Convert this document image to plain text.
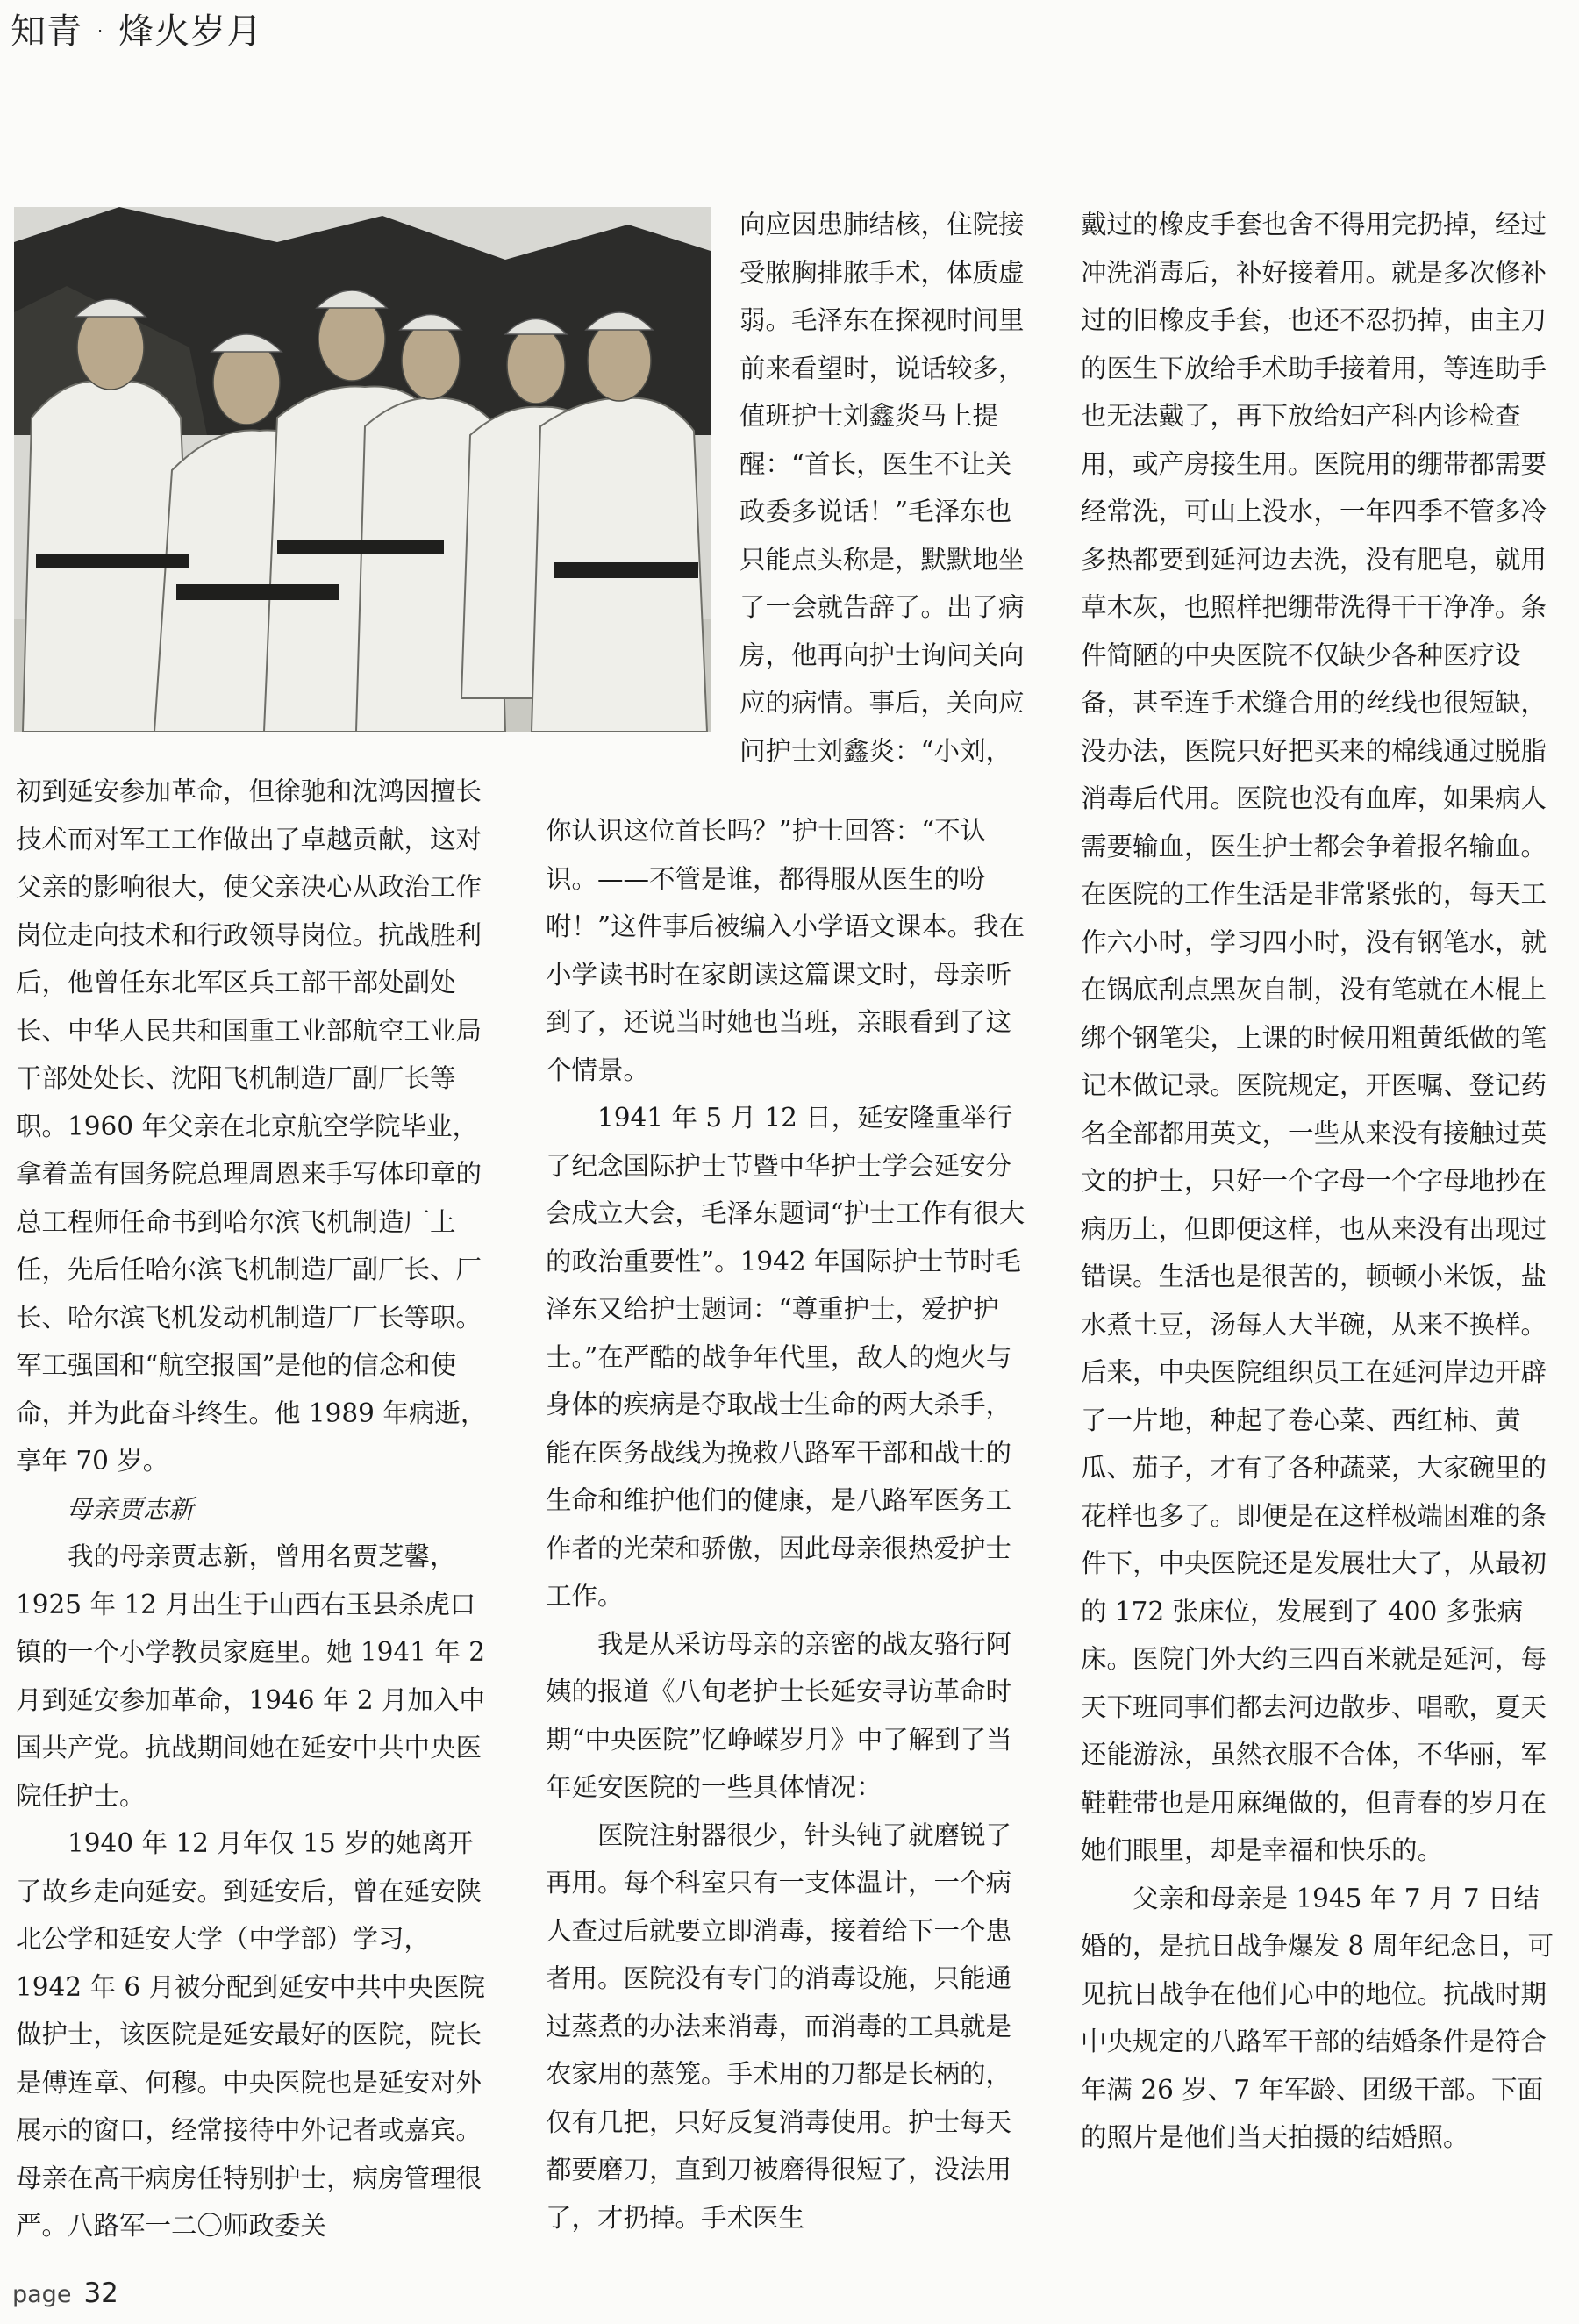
知青 · 烽火岁月

向应因患肺结核，住院接受脓胸排脓手术，体质虚弱。毛泽东在探视时间里前来看望时，说话较多，值班护士刘鑫炎马上提醒：“首长，医生不让关政委多说话！”毛泽东也只能点头称是，默默地坐了一会就告辞了。出了病房，他再向护士询问关向应的病情。事后，关向应问护士刘鑫炎：“小刘，

初到延安参加革命，但徐驰和沈鸿因擅长技术而对军工工作做出了卓越贡献，这对父亲的影响很大，使父亲决心从政治工作岗位走向技术和行政领导岗位。抗战胜利后，他曾任东北军区兵工部干部处副处长、中华人民共和国重工业部航空工业局干部处处长、沈阳飞机制造厂副厂长等职。1960 年父亲在北京航空学院毕业，拿着盖有国务院总理周恩来手写体印章的总工程师任命书到哈尔滨飞机制造厂上任，先后任哈尔滨飞机制造厂副厂长、厂长、哈尔滨飞机发动机制造厂厂长等职。军工强国和“航空报国”是他的信念和使命，并为此奋斗终生。他 1989 年病逝，享年 70 岁。

母亲贾志新

我的母亲贾志新，曾用名贾芝馨，1925 年 12 月出生于山西右玉县杀虎口镇的一个小学教员家庭里。她 1941 年 2 月到延安参加革命，1946 年 2 月加入中国共产党。抗战期间她在延安中共中央医院任护士。

1940 年 12 月年仅 15 岁的她离开了故乡走向延安。到延安后，曾在延安陕北公学和延安大学（中学部）学习，1942 年 6 月被分配到延安中共中央医院做护士，该医院是延安最好的医院，院长是傅连章、何穆。中央医院也是延安对外展示的窗口，经常接待中外记者或嘉宾。母亲在高干病房任特别护士，病房管理很严。八路军一二〇师政委关

你认识这位首长吗？”护士回答：“不认识。——不管是谁，都得服从医生的吩咐！”这件事后被编入小学语文课本。我在小学读书时在家朗读这篇课文时，母亲听到了，还说当时她也当班，亲眼看到了这个情景。

1941 年 5 月 12 日，延安隆重举行了纪念国际护士节暨中华护士学会延安分会成立大会，毛泽东题词“护士工作有很大的政治重要性”。1942 年国际护士节时毛泽东又给护士题词：“尊重护士，爱护护士。”在严酷的战争年代里，敌人的炮火与身体的疾病是夺取战士生命的两大杀手，能在医务战线为挽救八路军干部和战士的生命和维护他们的健康，是八路军医务工作者的光荣和骄傲，因此母亲很热爱护士工作。

我是从采访母亲的亲密的战友骆行阿姨的报道《八旬老护士长延安寻访革命时期“中央医院”忆峥嵘岁月》中了解到了当年延安医院的一些具体情况：

医院注射器很少，针头钝了就磨锐了再用。每个科室只有一支体温计，一个病人查过后就要立即消毒，接着给下一个患者用。医院没有专门的消毒设施，只能通过蒸煮的办法来消毒，而消毒的工具就是农家用的蒸笼。手术用的刀都是长柄的，仅有几把，只好反复消毒使用。护士每天都要磨刀，直到刀被磨得很短了，没法用了，才扔掉。手术医生

戴过的橡皮手套也舍不得用完扔掉，经过冲洗消毒后，补好接着用。就是多次修补过的旧橡皮手套，也还不忍扔掉，由主刀的医生下放给手术助手接着用，等连助手也无法戴了，再下放给妇产科内诊检查用，或产房接生用。医院用的绷带都需要经常洗，可山上没水，一年四季不管多冷多热都要到延河边去洗，没有肥皂，就用草木灰，也照样把绷带洗得干干净净。条件简陋的中央医院不仅缺少各种医疗设备，甚至连手术缝合用的丝线也很短缺，没办法，医院只好把买来的棉线通过脱脂消毒后代用。医院也没有血库，如果病人需要输血，医生护士都会争着报名输血。在医院的工作生活是非常紧张的，每天工作六小时，学习四小时，没有钢笔水，就在锅底刮点黑灰自制，没有笔就在木棍上绑个钢笔尖，上课的时候用粗黄纸做的笔记本做记录。医院规定，开医嘱、登记药名全部都用英文，一些从来没有接触过英文的护士，只好一个字母一个字母地抄在病历上，但即便这样，也从来没有出现过错误。生活也是很苦的，顿顿小米饭，盐水煮土豆，汤每人大半碗，从来不换样。后来，中央医院组织员工在延河岸边开辟了一片地，种起了卷心菜、西红柿、黄瓜、茄子，才有了各种蔬菜，大家碗里的花样也多了。即便是在这样极端困难的条件下，中央医院还是发展壮大了，从最初的 172 张床位，发展到了 400 多张病床。医院门外大约三四百米就是延河，每天下班同事们都去河边散步、唱歌，夏天还能游泳，虽然衣服不合体，不华丽，军鞋鞋带也是用麻绳做的，但青春的岁月在她们眼里，却是幸福和快乐的。

父亲和母亲是 1945 年 7 月 7 日结婚的，是抗日战争爆发 8 周年纪念日，可见抗日战争在他们心中的地位。抗战时期中央规定的八路军干部的结婚条件是符合年满 26 岁、7 年军龄、团级干部。下面的照片是他们当天拍摄的结婚照。

page 32
